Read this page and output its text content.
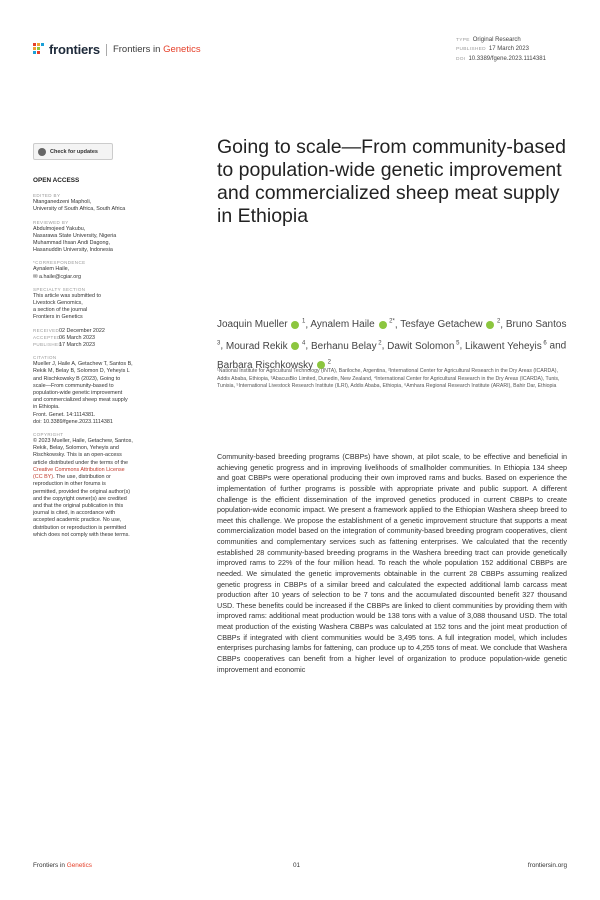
frontiers Frontiers in Genetics
TYPE Original Research
PUBLISHED 17 March 2023
DOI 10.3389/fgene.2023.1114381
Check for updates
OPEN ACCESS
EDITED BY
Ntanganedzeni Mapholi,
University of South Africa, South Africa
REVIEWED BY
Abdulmojeed Yakubu,
Nasarawa State University, Nigeria
Muhammad Ihsan Andi Dagong,
Hasanuddin University, Indonesia
*CORRESPONDENCE
Aynalem Haile,
✉ a.haile@cgiar.org
SPECIALTY SECTION
This article was submitted to
Livestock Genomics,
a section of the journal
Frontiers in Genetics
RECEIVED02 December 2022
ACCEPTED06 March 2023
PUBLISHED17 March 2023
CITATION
Mueller J, Haile A, Getachew T, Santos B,
Rekik M, Belay B, Solomon D, Yeheyis L
and Rischkowsky B (2023), Going to
scale—From community-based to
population-wide genetic improvement
and commercialized sheep meat supply
in Ethiopia.
Front. Genet. 14:1114381.
doi: 10.3389/fgene.2023.1114381
COPYRIGHT
© 2023 Mueller, Haile, Getachew, Santos,
Rekik, Belay, Solomon, Yeheyis and
Rischkowsky. This is an open-access
article distributed under the terms of the
Creative Commons Attribution License
(CC BY). The use, distribution or
reproduction in other forums is
permitted, provided the original author(s)
and the copyright owner(s) are credited
and that the original publication in this
journal is cited, in accordance with
accepted academic practice. No use,
distribution or reproduction is permitted
which does not comply with these terms.
Going to scale—From community-based to population-wide genetic improvement and commercialized sheep meat supply in Ethiopia
Joaquin Mueller  $^1$, Aynalem Haile  $^{2*}$, Tesfaye Getachew  $^2$, Bruno Santos $^3$, Mourad Rekik  $^4$, Berhanu Belay $^2$, Dawit Solomon $^5$, Likawent Yeheyis $^6$ and Barbara Rischkowsky  $^2$
¹National Institute for Agricultural Technology (INTA), Bariloche, Argentina, ²International Center for Agricultural Research in the Dry Areas (ICARDA), Addis Ababa, Ethiopia, ³AbacusBio Limited, Dunedin, New Zealand, ⁴International Center for Agricultural Research in the Dry Areas (ICARDA), Tunis, Tunisia, ⁵International Livestock Research Institute (ILRI), Addis Ababa, Ethiopia, ⁶Amhara Regional Research Institute (ARARI), Bahir Dar, Ethiopia
Community-based breeding programs (CBBPs) have shown, at pilot scale, to be effective and beneficial in achieving genetic progress and in improving livelihoods of smallholder communities. In Ethiopia 134 sheep and goat CBBPs were operational producing their own improved rams and bucks. Based on experience the implementation of further programs is possible with appropriate private and public support. A different challenge is the efficient dissemination of the improved genetics produced in current CBBPs to create population-wide economic impact. We present a framework applied to the Ethiopian Washera sheep breed to meet this challenge. We propose the establishment of a genetic improvement structure that supports a meat commercialization model based on the integration of community-based breeding program cooperatives, client communities and complementary services such as fattening enterprises. We calculated that the recently established 28 community-based breeding programs in the Washera breeding tract can provide genetically improved rams to 22% of the four million head. To reach the whole population 152 additional CBBPs are needed. We simulated the genetic improvements obtainable in the current 28 CBBPs assuming realized genetic progress in CBBPs of a similar breed and calculated the expected additional lamb carcass meat production after 10 years of selection to be 7 tons and the accumulated discounted benefit 327 thousand USD. These benefits could be increased if the CBBPs are linked to client communities by providing them with improved rams: additional meat production would be 138 tons with a value of 3,088 thousand USD. The total meat production of the existing Washera CBBPs was calculated at 152 tons and the joint meat production of CBBPs if integrated with client communities would be 3,495 tons. A full integration model, which includes enterprises purchasing lambs for fattening, can produce up to 4,255 tons of meat. We conclude that Washera CBBPs cooperatives can benefit from a higher level of organization to produce population-wide genetic improvement and economic
Frontiers in Genetics	01	frontiersin.org
